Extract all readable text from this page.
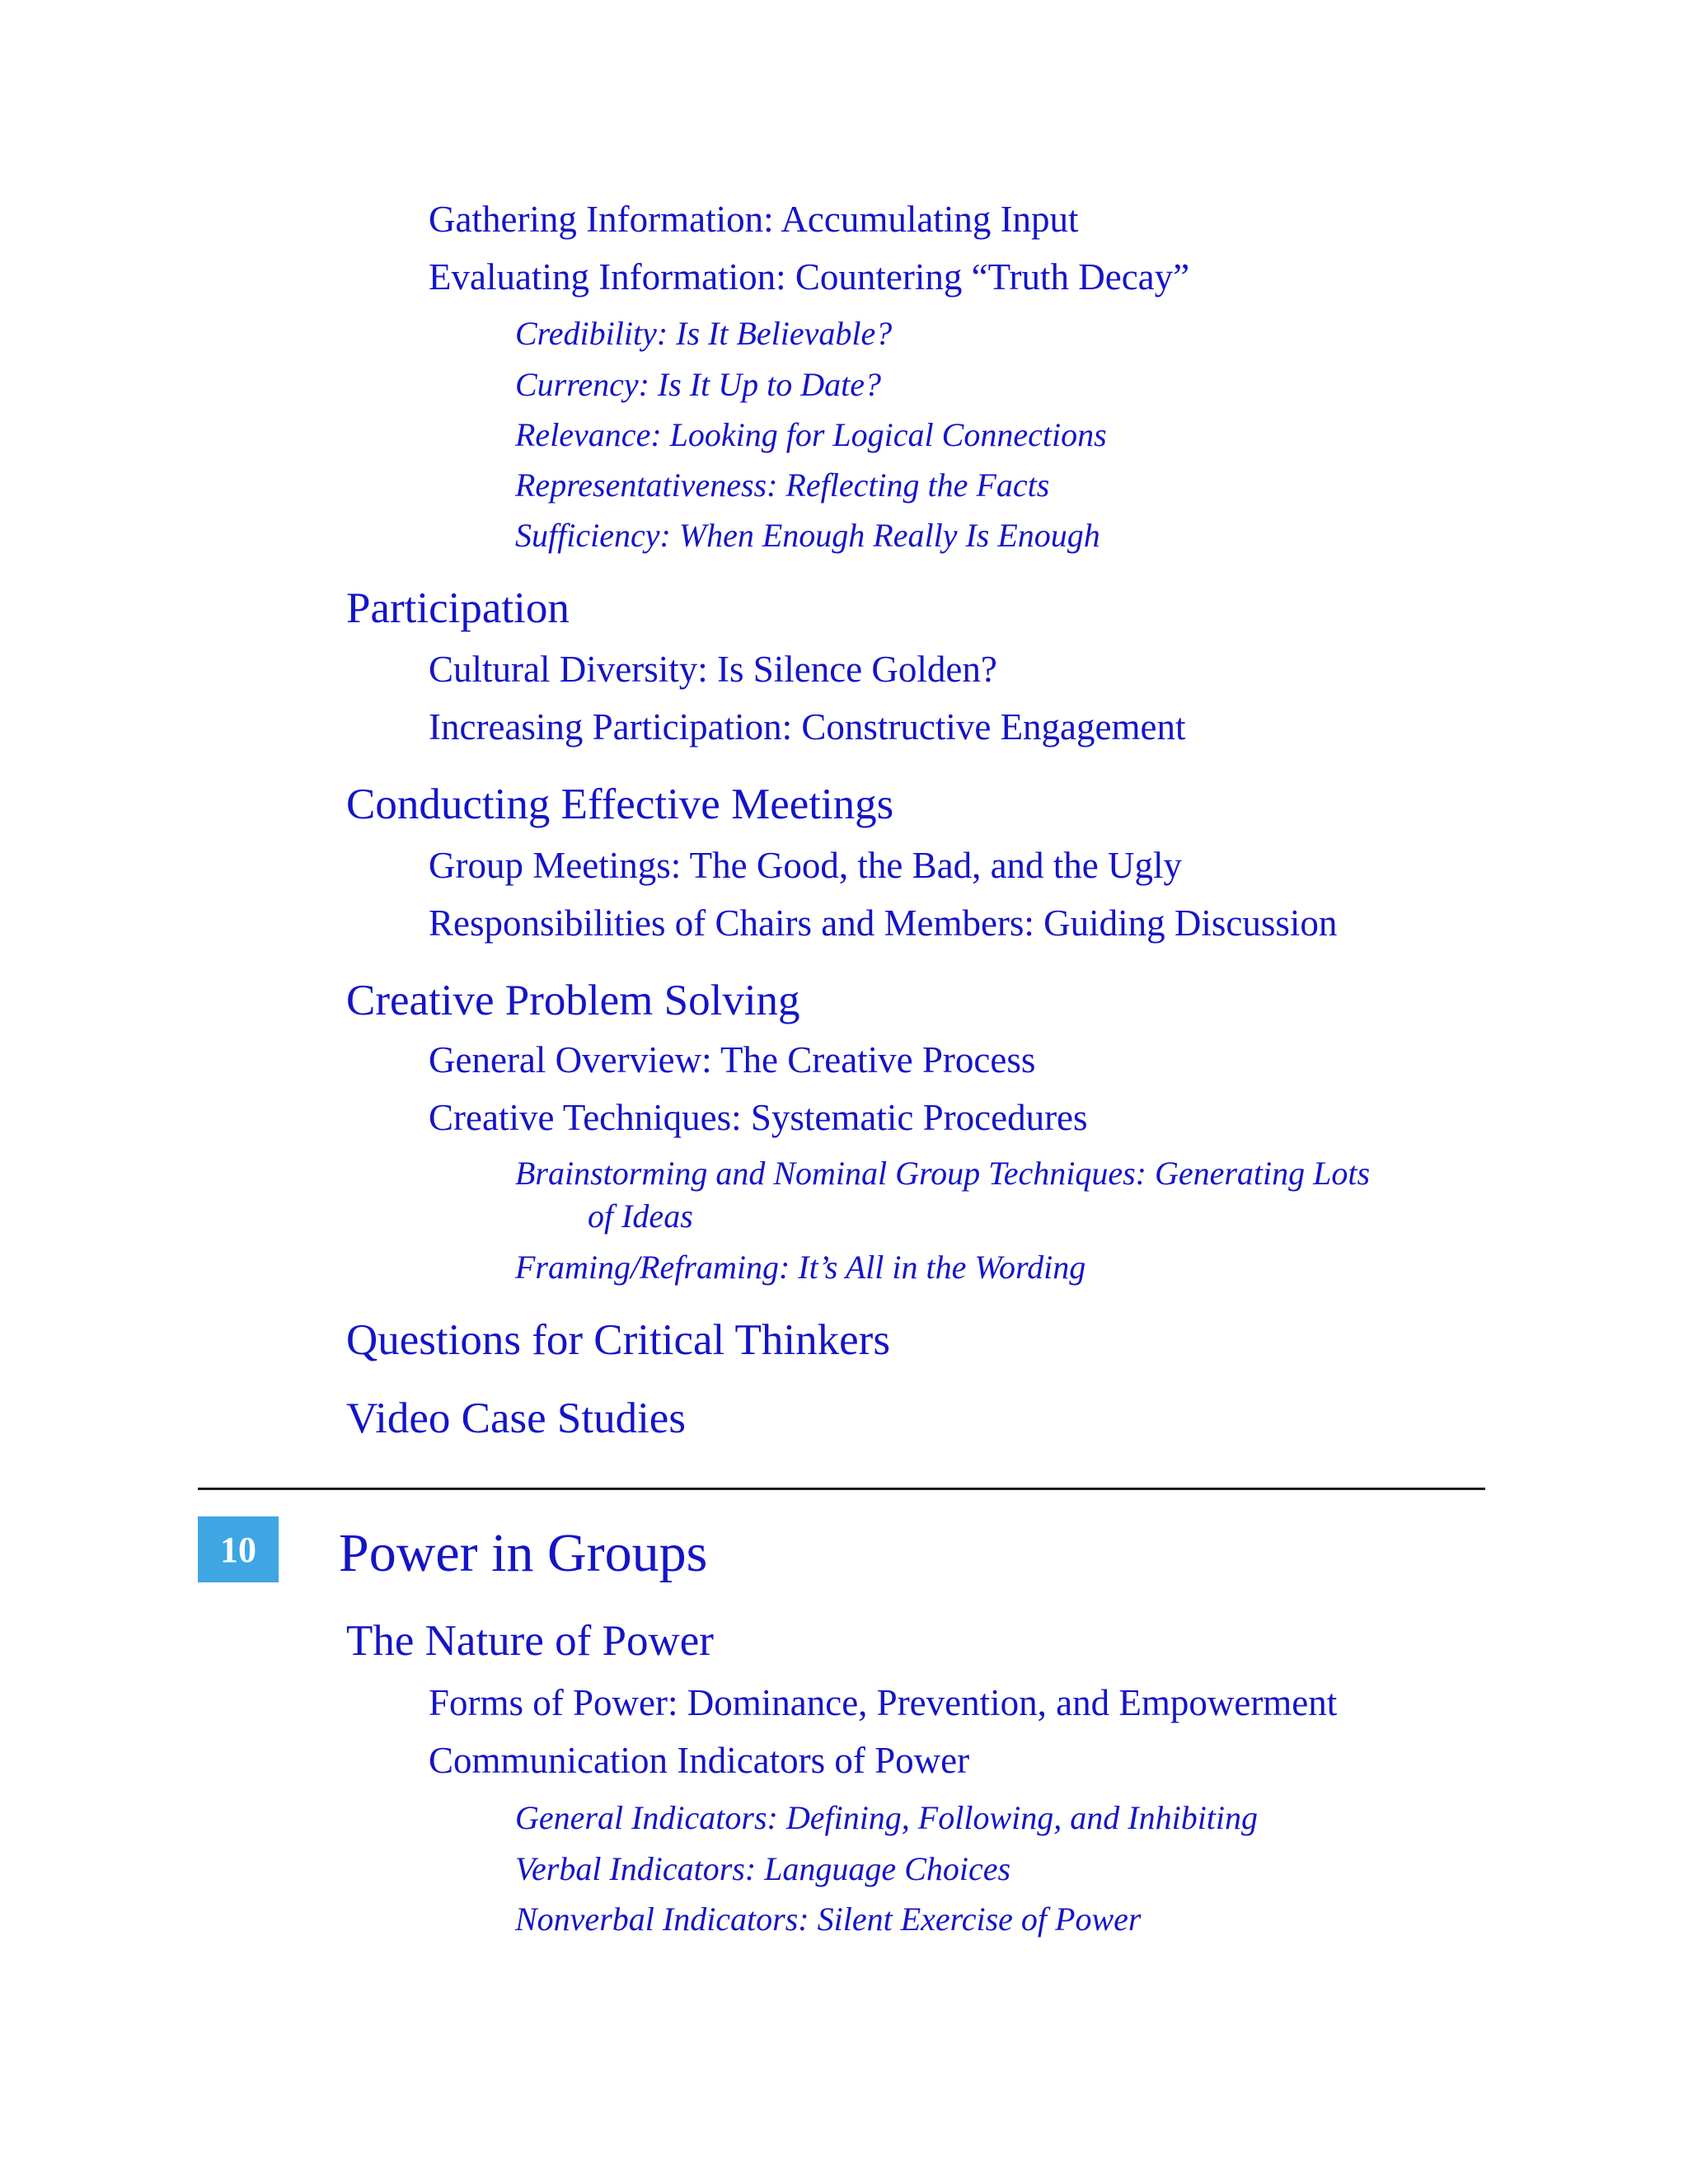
Gathering Information: Accumulating Input
Evaluating Information: Countering “Truth Decay”
Credibility: Is It Believable?
Currency: Is It Up to Date?
Relevance: Looking for Logical Connections
Representativeness: Reflecting the Facts
Sufficiency: When Enough Really Is Enough
Participation
Cultural Diversity: Is Silence Golden?
Increasing Participation: Constructive Engagement
Conducting Effective Meetings
Group Meetings: The Good, the Bad, and the Ugly
Responsibilities of Chairs and Members: Guiding Discussion
Creative Problem Solving
General Overview: The Creative Process
Creative Techniques: Systematic Procedures
Brainstorming and Nominal Group Techniques: Generating Lots
of Ideas
Framing/Reframing: It’s All in the Wording
Questions for Critical Thinkers
Video Case Studies
10	Power in Groups
The Nature of Power
Forms of Power: Dominance, Prevention, and Empowerment
Communication Indicators of Power
General Indicators: Defining, Following, and Inhibiting
Verbal Indicators: Language Choices
Nonverbal Indicators: Silent Exercise of Power
